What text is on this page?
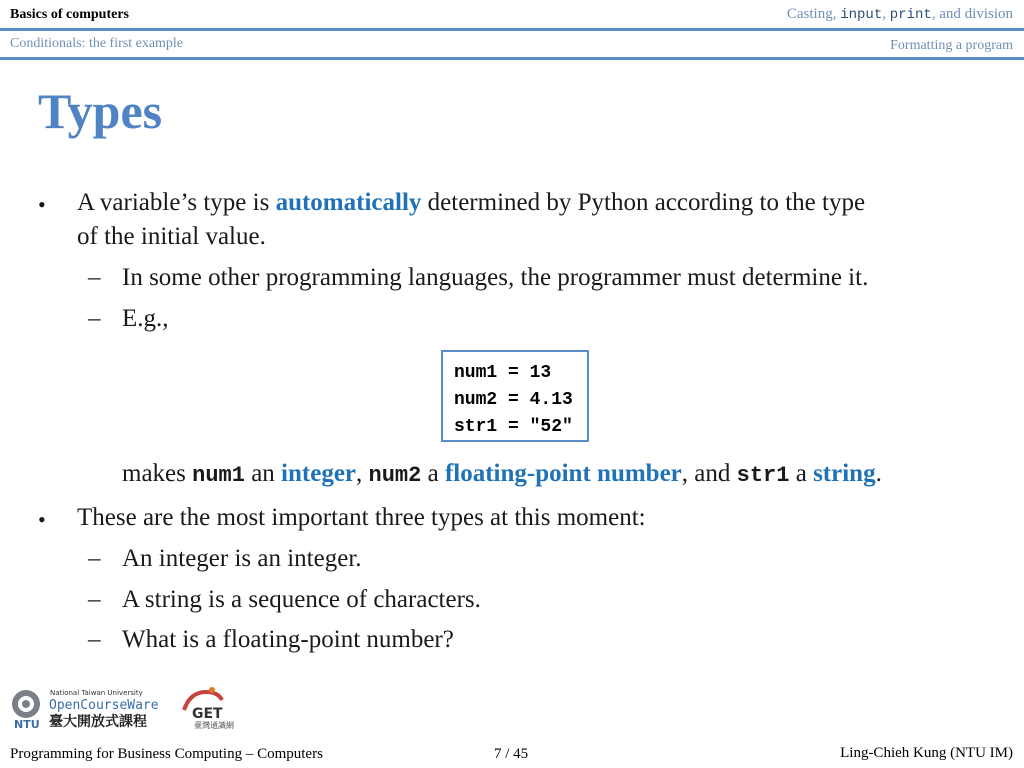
Basics of computers	Casting, input, print, and division
Conditionals: the first example	Formatting a program
Types
• A variable’s type is automatically determined by Python according to the type
of the initial value.
– In some other programming languages, the programmer must determine it.
– E.g.,
num1 = 13
num2 = 4.13
str1 = "52"
makes num1 an integer, num2 a floating-point number, and str1 a string.
• These are the most important three types at this moment:
– An integer is an integer.
– A string is a sequence of characters.
– What is a floating-point number?
NTU
National Taiwan University
OpenCourseWare
臺大開放式課程	GET
臺灣通識網
Programming for Business Computing – Computers	7 / 45	Ling-Chieh Kung (NTU IM)
